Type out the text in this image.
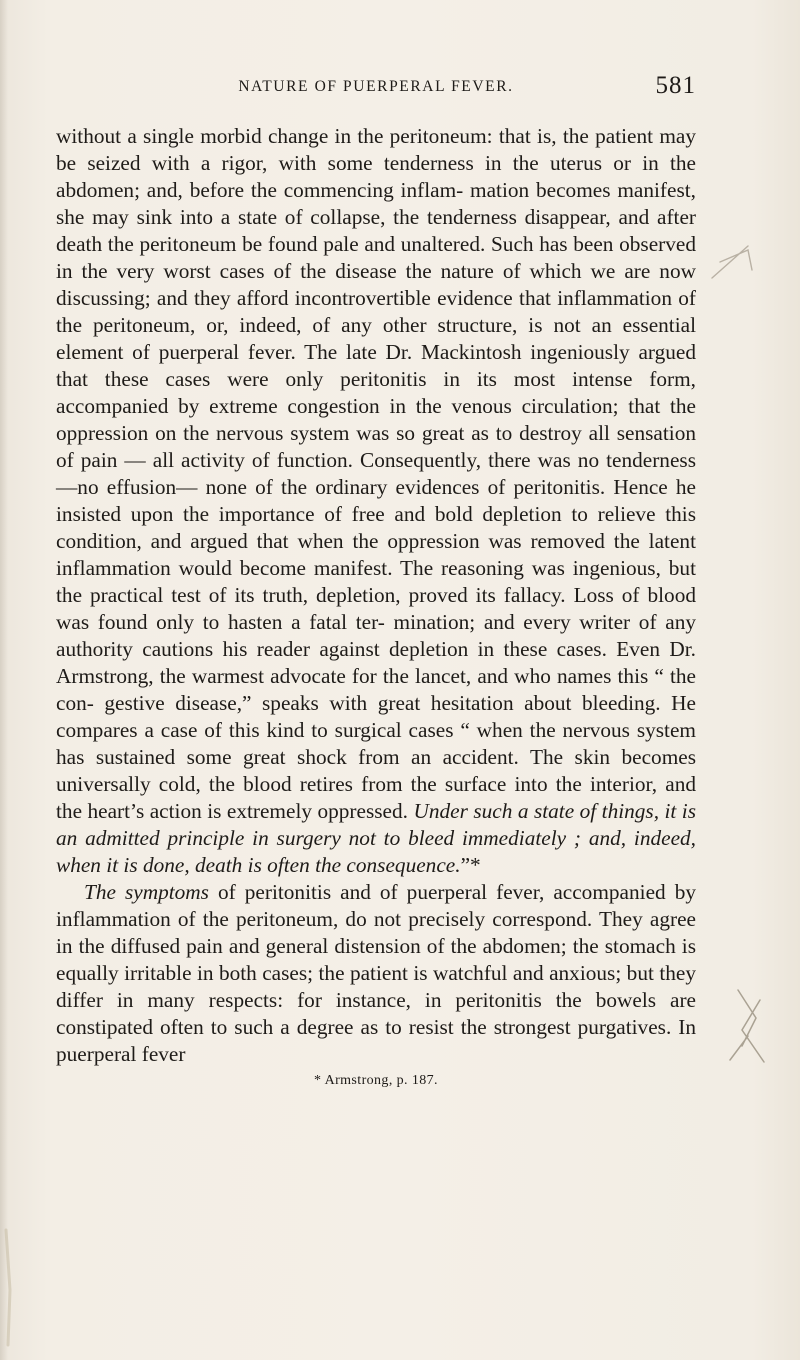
NATURE OF PUERPERAL FEVER.	581

without a single morbid change in the peritoneum: that is, the patient may be seized with a rigor, with some tenderness in the uterus or in the abdomen; and, before the commencing inflam- mation becomes manifest, she may sink into a state of collapse, the tenderness disappear, and after death the peritoneum be found pale and unaltered. Such has been observed in the very worst cases of the disease the nature of which we are now discussing; and they afford incontrovertible evidence that inflammation of the peritoneum, or, indeed, of any other structure, is not an essential element of puerperal fever. The late Dr. Mackintosh ingeniously argued that these cases were only peritonitis in its most intense form, accompanied by extreme congestion in the venous circulation; that the oppression on the nervous system was so great as to destroy all sensation of pain — all activity of function. Consequently, there was no tenderness—no effusion— none of the ordinary evidences of peritonitis. Hence he insisted upon the importance of free and bold depletion to relieve this condition, and argued that when the oppression was removed the latent inflammation would become manifest. The reasoning was ingenious, but the practical test of its truth, depletion, proved its fallacy. Loss of blood was found only to hasten a fatal ter- mination; and every writer of any authority cautions his reader against depletion in these cases. Even Dr. Armstrong, the warmest advocate for the lancet, and who names this “ the con- gestive disease,” speaks with great hesitation about bleeding. He compares a case of this kind to surgical cases “ when the nervous system has sustained some great shock from an accident. The skin becomes universally cold, the blood retires from the surface into the interior, and the heart’s action is extremely oppressed. Under such a state of things, it is an admitted principle in surgery not to bleed immediately ; and, indeed, when it is done, death is often the consequence.”*

The symptoms of peritonitis and of puerperal fever, accompanied by inflammation of the peritoneum, do not precisely correspond. They agree in the diffused pain and general distension of the abdomen; the stomach is equally irritable in both cases; the patient is watchful and anxious; but they differ in many respects: for instance, in peritonitis the bowels are constipated often to such a degree as to resist the strongest purgatives. In puerperal fever

* Armstrong, p. 187.
